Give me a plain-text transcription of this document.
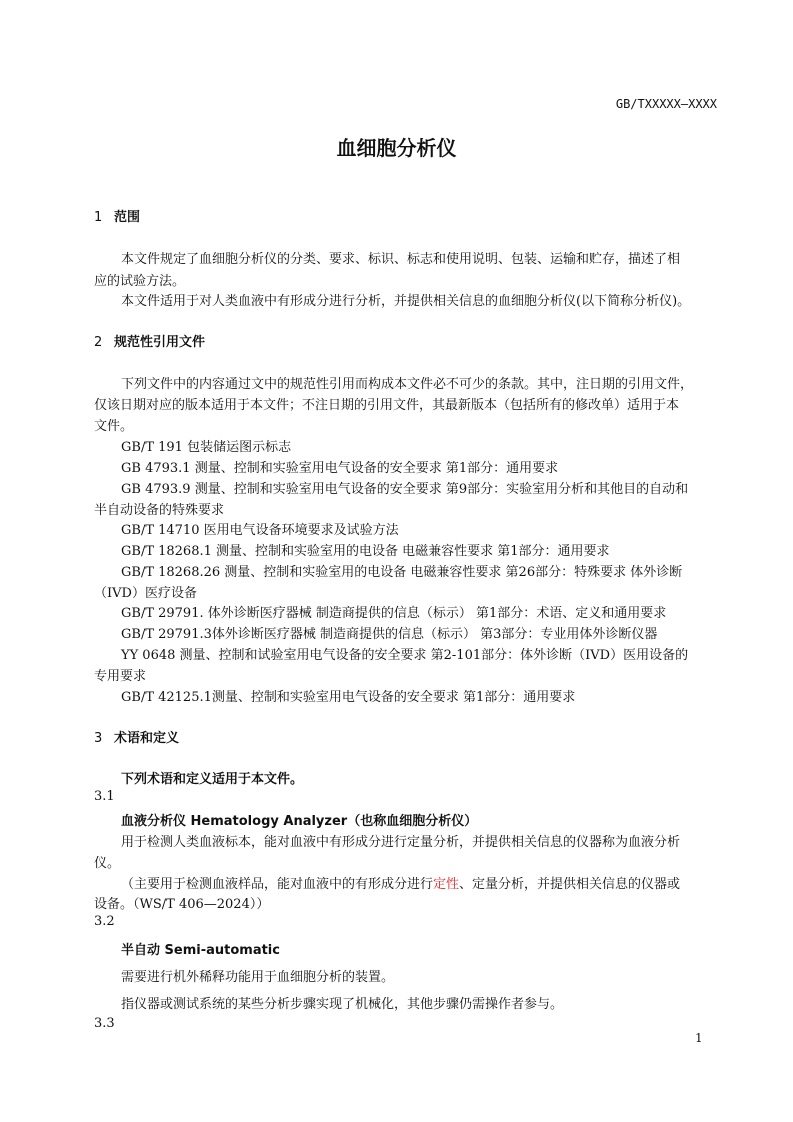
GB/TXXXXX—XXXX
血细胞分析仪
1 范围
本文件规定了血细胞分析仪的分类、要求、标识、标志和使用说明、包装、运输和贮存，描述了相
应的试验方法。
本文件适用于对人类血液中有形成分进行分析，并提供相关信息的血细胞分析仪(以下简称分析仪)。
2 规范性引用文件
下列文件中的内容通过文中的规范性引用而构成本文件必不可少的条款。其中，注日期的引用文件，
仅该日期对应的版本适用于本文件；不注日期的引用文件，其最新版本（包括所有的修改单）适用于本
文件。
GB/T 191 包装储运图示标志
GB 4793.1 测量、控制和实验室用电气设备的安全要求 第1部分：通用要求
GB 4793.9 测量、控制和实验室用电气设备的安全要求 第9部分：实验室用分析和其他目的自动和
半自动设备的特殊要求
GB/T 14710 医用电气设备环境要求及试验方法
GB/T 18268.1 测量、控制和实验室用的电设备 电磁兼容性要求 第1部分：通用要求
GB/T 18268.26 测量、控制和实验室用的电设备 电磁兼容性要求 第26部分：特殊要求 体外诊断
（IVD）医疗设备
GB/T 29791. 体外诊断医疗器械 制造商提供的信息（标示） 第1部分：术语、定义和通用要求
GB/T 29791.3体外诊断医疗器械 制造商提供的信息（标示） 第3部分：专业用体外诊断仪器
YY 0648 测量、控制和试验室用电气设备的安全要求 第2-101部分：体外诊断（IVD）医用设备的
专用要求
GB/T 42125.1测量、控制和实验室用电气设备的安全要求 第1部分：通用要求
3 术语和定义
下列术语和定义适用于本文件。
3.1
血液分析仪 Hematology Analyzer（也称血细胞分析仪）
用于检测人类血液标本，能对血液中有形成分进行定量分析，并提供相关信息的仪器称为血液分析
仪。
（主要用于检测血液样品，能对血液中的有形成分进行定性、定量分析，并提供相关信息的仪器或
设备。（WS/T 406—2024））
3.2
半自动 Semi-automatic
需要进行机外稀释功能用于血细胞分析的装置。
指仪器或测试系统的某些分析步骤实现了机械化，其他步骤仍需操作者参与。
3.3
1
